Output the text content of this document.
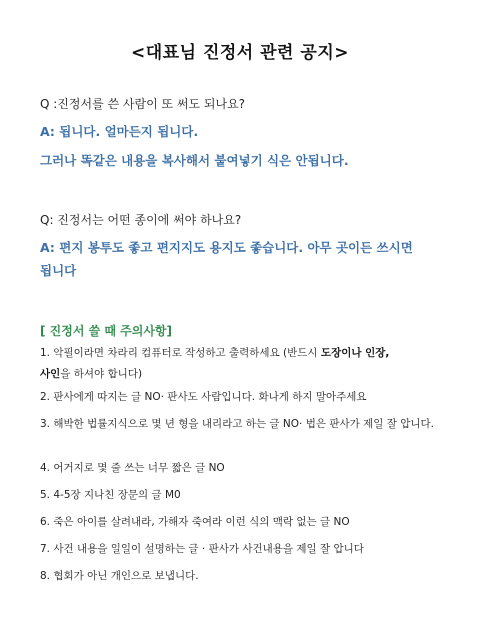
<대표님 진정서 관련 공지>
Q :진정서를 쓴 사람이 또 써도 되나요?
A: 됩니다. 얼마든지 됩니다.
그러나 똑같은 내용을 복사해서 붙여넣기 식은 안됩니다.
Q: 진정서는 어떤 종이에 써야 하나요?
A: 편지 봉투도 좋고 편지지도 용지도 좋습니다. 아무 곳이든 쓰시면
됩니다
[ 진정서 쓸 때 주의사항]
1. 악필이라면 차라리 컴퓨터로 작성하고 출력하세요 (반드시 도장이나 인장,
사인을 하셔야 합니다)
2. 판사에게 따지는 글 NO· 판사도 사람입니다. 화나게 하지 말아주세요
3. 해박한 법률지식으로 몇 년 형을 내리라고 하는 글 NO· 법은 판사가 제일 잘 압니다.
4. 어거지로 몇 줄 쓰는 너무 짧은 글 NO
5. 4-5장 지나친 장문의 글 M0
6. 죽은 아이를 살려내라, 가해자 죽여라 이런 식의 맥락 없는 글 NO
7. 사건 내용을 일일이 설명하는 글 · 판사가 사건내용을 제일 잘 압니다
8. 협회가 아닌 개인으로 보냅니다.
